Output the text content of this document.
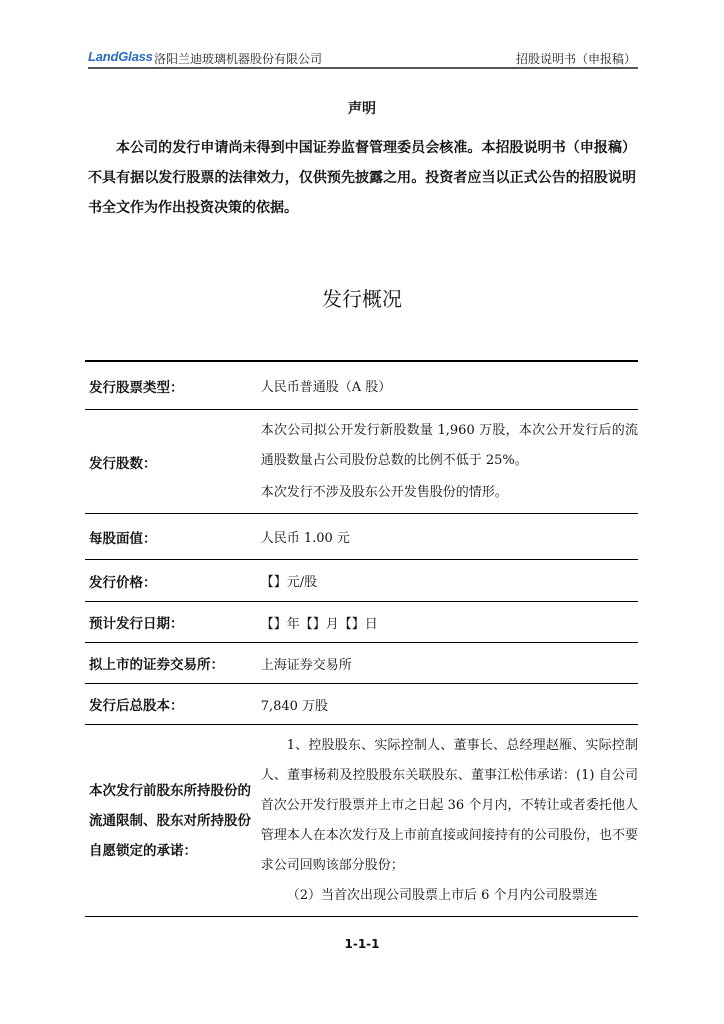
LandGlass 洛阳兰迪玻璃机器股份有限公司	招股说明书（申报稿）
声明
本公司的发行申请尚未得到中国证券监督管理委员会核准。本招股说明书（申报稿）不具有据以发行股票的法律效力，仅供预先披露之用。投资者应当以正式公告的招股说明书全文作为作出投资决策的依据。
发行概况
发行股票类型：	人民币普通股（A 股）

发行股数：

本次公司拟公开发行新股数量 1,960 万股，本次公开发行后的流通股数量占公司股份总数的比例不低于 25%。

本次发行不涉及股东公开发售股份的情形。

每股面值：	人民币 1.00 元

发行价格：	【】元/股

预计发行日期：	【】年【】月【】日

拟上市的证券交易所：	上海证券交易所

发行后总股本：	7,840 万股

本次发行前股东所持股份的流通限制、股东对所持股份自愿锁定的承诺：

1、控股股东、实际控制人、董事长、总经理赵雁、实际控制人、董事杨莉及控股股东关联股东、董事江松伟承诺：(1) 自公司首次公开发行股票并上市之日起 36 个月内，不转让或者委托他人管理本人在本次发行及上市前直接或间接持有的公司股份，也不要求公司回购该部分股份；

（2）当首次出现公司股票上市后 6 个月内公司股票连

1-1-1
